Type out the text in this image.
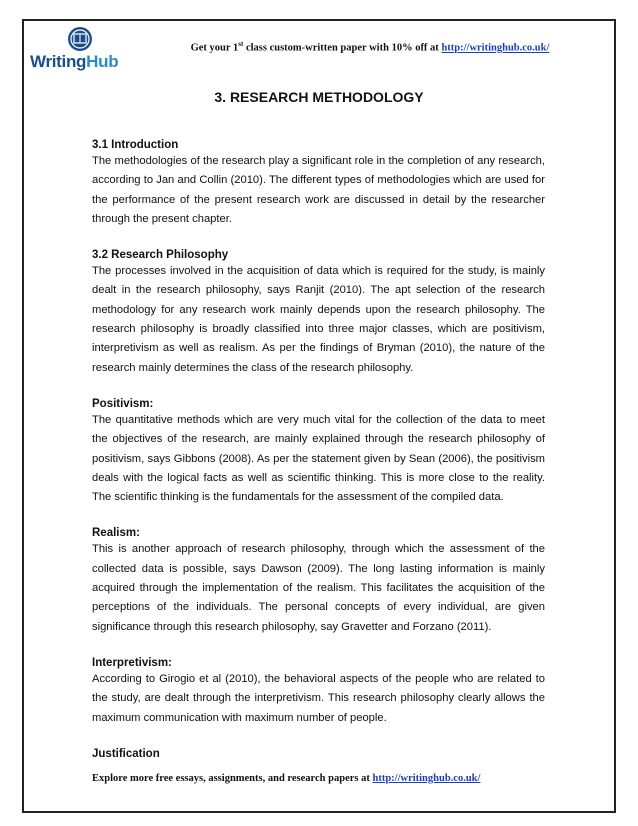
WritingHub
Get your 1st class custom-written paper with 10% off at http://writinghub.co.uk/
3. RESEARCH METHODOLOGY

3.1 Introduction

The methodologies of the research play a significant role in the completion of any research, according to Jan and Collin (2010). The different types of methodologies which are used for the performance of the present research work are discussed in detail by the researcher through the present chapter.

3.2 Research Philosophy

The processes involved in the acquisition of data which is required for the study, is mainly dealt in the research philosophy, says Ranjit (2010). The apt selection of the research methodology for any research work mainly depends upon the research philosophy. The research philosophy is broadly classified into three major classes, which are positivism, interpretivism as well as realism. As per the findings of Bryman (2010), the nature of the research mainly determines the class of the research philosophy.

Positivism:

The quantitative methods which are very much vital for the collection of the data to meet the objectives of the research, are mainly explained through the research philosophy of positivism, says Gibbons (2008). As per the statement given by Sean (2006), the positivism deals with the logical facts as well as scientific thinking. This is more close to the reality. The scientific thinking is the fundamentals for the assessment of the compiled data.

Realism:

This is another approach of research philosophy, through which the assessment of the collected data is possible, says Dawson (2009). The long lasting information is mainly acquired through the implementation of the realism. This facilitates the acquisition of the perceptions of the individuals. The personal concepts of every individual, are given significance through this research philosophy, say Gravetter and Forzano (2011).

Interpretivism:

According to Girogio et al (2010), the behavioral aspects of the people who are related to the study, are dealt through the interpretivism. This research philosophy clearly allows the maximum communication with maximum number of people.

Justification

Explore more free essays, assignments, and research papers at http://writinghub.co.uk/
